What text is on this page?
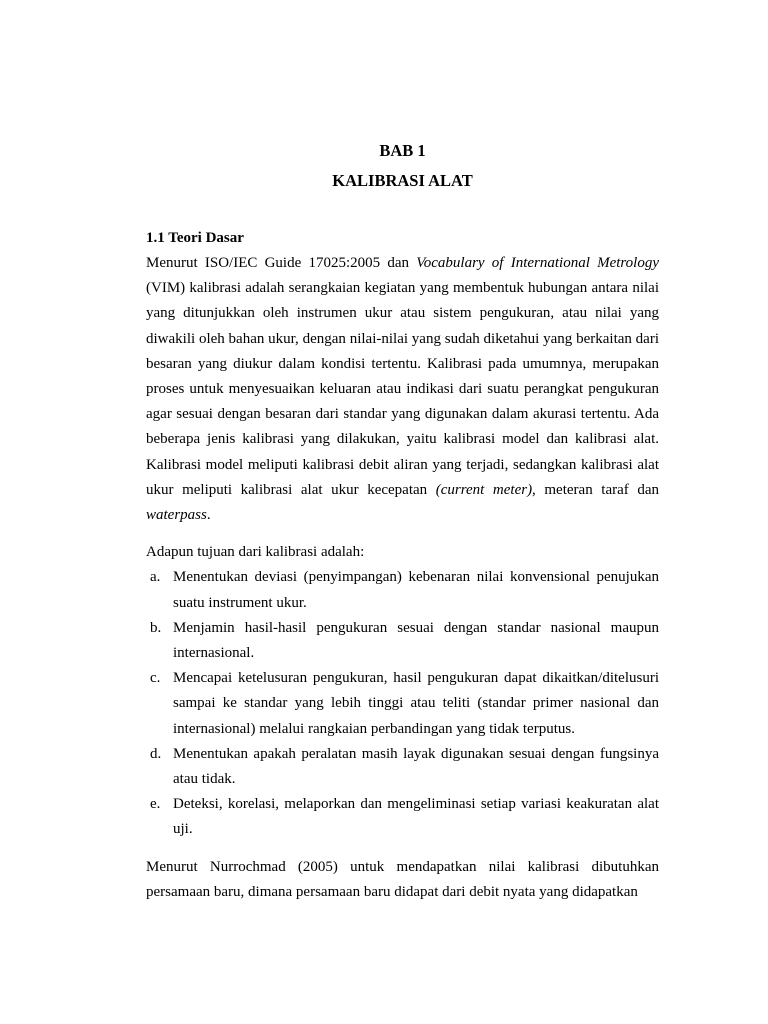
BAB 1
KALIBRASI ALAT
1.1 Teori Dasar

Menurut ISO/IEC Guide 17025:2005 dan Vocabulary of International Metrology (VIM) kalibrasi adalah serangkaian kegiatan yang membentuk hubungan antara nilai yang ditunjukkan oleh instrumen ukur atau sistem pengukuran, atau nilai yang diwakili oleh bahan ukur, dengan nilai-nilai yang sudah diketahui yang berkaitan dari besaran yang diukur dalam kondisi tertentu. Kalibrasi pada umumnya, merupakan proses untuk menyesuaikan keluaran atau indikasi dari suatu perangkat pengukuran agar sesuai dengan besaran dari standar yang digunakan dalam akurasi tertentu. Ada beberapa jenis kalibrasi yang dilakukan, yaitu kalibrasi model dan kalibrasi alat. Kalibrasi model meliputi kalibrasi debit aliran yang terjadi, sedangkan kalibrasi alat ukur meliputi kalibrasi alat ukur kecepatan (current meter), meteran taraf dan waterpass.

Adapun tujuan dari kalibrasi adalah:

a. Menentukan deviasi (penyimpangan) kebenaran nilai konvensional penujukan suatu instrument ukur.
b. Menjamin hasil-hasil pengukuran sesuai dengan standar nasional maupun internasional.
c. Mencapai ketelusuran pengukuran, hasil pengukuran dapat dikaitkan/ditelusuri sampai ke standar yang lebih tinggi atau teliti (standar primer nasional dan internasional) melalui rangkaian perbandingan yang tidak terputus.
d. Menentukan apakah peralatan masih layak digunakan sesuai dengan fungsinya atau tidak.
e. Deteksi, korelasi, melaporkan dan mengeliminasi setiap variasi keakuratan alat uji.

Menurut Nurrochmad (2005) untuk mendapatkan nilai kalibrasi dibutuhkan persamaan baru, dimana persamaan baru didapat dari debit nyata yang didapatkan
